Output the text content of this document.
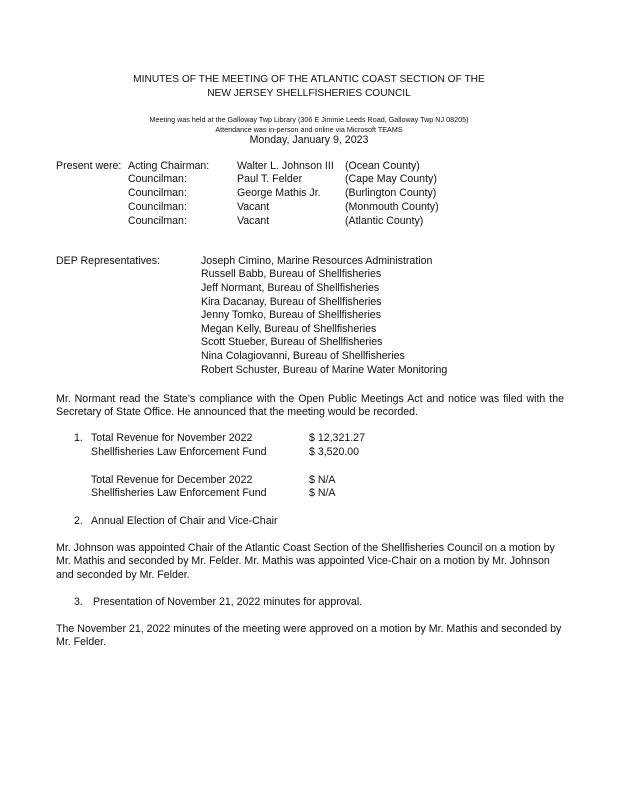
MINUTES OF THE MEETING OF THE ATLANTIC COAST SECTION OF THE
NEW JERSEY SHELLFISHERIES COUNCIL
Meeting was held at the Galloway Twp Library (306 E Jimmie Leeds Road, Galloway Twp NJ 08205)
Attendance was in-person and online via Microsoft TEAMS
Monday, January 9, 2023
Present were: Acting Chairman:	Walter L. Johnson III (Ocean County)
Councilman:	Paul T. Felder	(Cape May County)
Councilman:	George Mathis Jr. (Burlington County)
Councilman:	Vacant	(Monmouth County)
Councilman:	Vacant	(Atlantic County)
DEP Representatives:	Joseph Cimino, Marine Resources Administration
Russell Babb, Bureau of Shellfisheries
Jeff Normant, Bureau of Shellfisheries
Kira Dacanay, Bureau of Shellfisheries
Jenny Tomko, Bureau of Shellfisheries
Megan Kelly, Bureau of Shellfisheries
Scott Stueber, Bureau of Shellfisheries
Nina Colagiovanni, Bureau of Shellfisheries
Robert Schuster, Bureau of Marine Water Monitoring
Mr. Normant read the State’s compliance with the Open Public Meetings Act and notice was filed with the Secretary of State Office. He announced that the meeting would be recorded.
1. Total Revenue for November 2022	$ 12,321.27
Shellfisheries Law Enforcement Fund	$ 3,520.00
Total Revenue for December 2022	$ N/A
Shellfisheries Law Enforcement Fund	$ N/A
2. Annual Election of Chair and Vice-Chair
Mr. Johnson was appointed Chair of the Atlantic Coast Section of the Shellfisheries Council on a motion by Mr. Mathis and seconded by Mr. Felder. Mr. Mathis was appointed Vice-Chair on a motion by Mr. Johnson and seconded by Mr. Felder.
3. Presentation of November 21, 2022 minutes for approval.
The November 21, 2022 minutes of the meeting were approved on a motion by Mr. Mathis and seconded by Mr. Felder.
